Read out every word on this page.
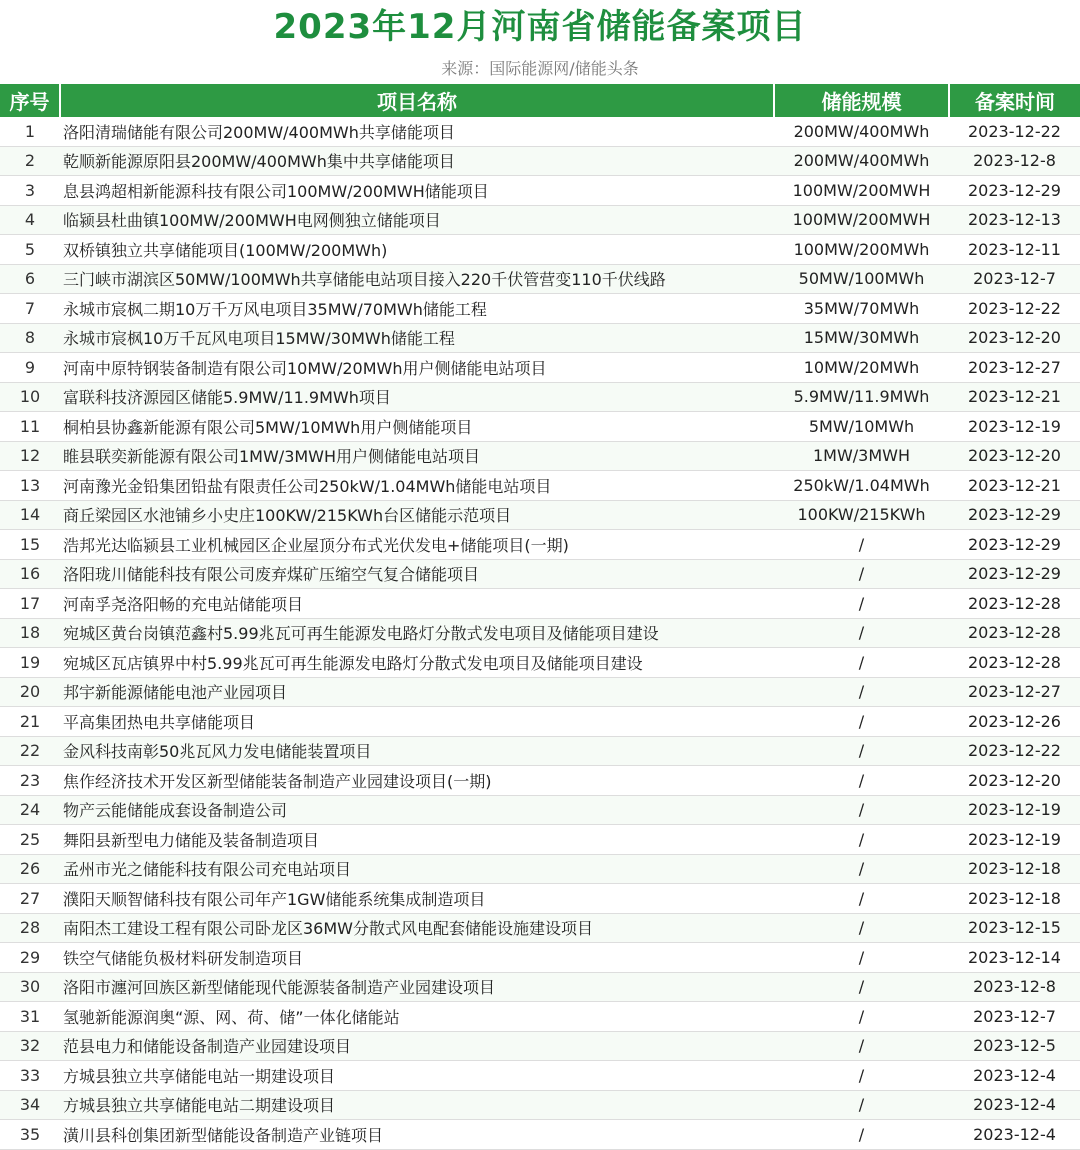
2023年12月河南省储能备案项目
来源：国际能源网/储能头条
序号	项目名称	储能规模	备案时间
1	洛阳清瑞储能有限公司200MW/400MWh共享储能项目	200MW/400MWh	2023-12-22
2	乾顺新能源原阳县200MW/400MWh集中共享储能项目	200MW/400MWh	2023-12-8
3	息县鸿超相新能源科技有限公司100MW/200MWH储能项目	100MW/200MWH	2023-12-29
4	临颍县杜曲镇100MW/200MWH电网侧独立储能项目	100MW/200MWH	2023-12-13
5	双桥镇独立共享储能项目(100MW/200MWh)	100MW/200MWh	2023-12-11
6	三门峡市湖滨区50MW/100MWh共享储能电站项目接入220千伏管营变110千伏线路	50MW/100MWh	2023-12-7
7	永城市宸枫二期10万千万风电项目35MW/70MWh储能工程	35MW/70MWh	2023-12-22
8	永城市宸枫10万千瓦风电项目15MW/30MWh储能工程	15MW/30MWh	2023-12-20
9	河南中原特钢装备制造有限公司10MW/20MWh用户侧储能电站项目	10MW/20MWh	2023-12-27
10	富联科技济源园区储能5.9MW/11.9MWh项目	5.9MW/11.9MWh	2023-12-21
11	桐柏县协鑫新能源有限公司5MW/10MWh用户侧储能项目	5MW/10MWh	2023-12-19
12	睢县联奕新能源有限公司1MW/3MWH用户侧储能电站项目	1MW/3MWH	2023-12-20
13	河南豫光金铅集团铅盐有限责任公司250kW/1.04MWh储能电站项目	250kW/1.04MWh	2023-12-21
14	商丘梁园区水池铺乡小史庄100KW/215KWh台区储能示范项目	100KW/215KWh	2023-12-29
15	浩邦光达临颍县工业机械园区企业屋顶分布式光伏发电+储能项目(一期)	/	2023-12-29
16	洛阳珑川储能科技有限公司废弃煤矿压缩空气复合储能项目	/	2023-12-29
17	河南孚尧洛阳畅的充电站储能项目	/	2023-12-28
18	宛城区黄台岗镇范鑫村5.99兆瓦可再生能源发电路灯分散式发电项目及储能项目建设	/	2023-12-28
19	宛城区瓦店镇界中村5.99兆瓦可再生能源发电路灯分散式发电项目及储能项目建设	/	2023-12-28
20	邦宇新能源储能电池产业园项目	/	2023-12-27
21	平高集团热电共享储能项目	/	2023-12-26
22	金风科技南彰50兆瓦风力发电储能装置项目	/	2023-12-22
23	焦作经济技术开发区新型储能装备制造产业园建设项目(一期)	/	2023-12-20
24	物产云能储能成套设备制造公司	/	2023-12-19
25	舞阳县新型电力储能及装备制造项目	/	2023-12-19
26	孟州市光之储能科技有限公司充电站项目	/	2023-12-18
27	濮阳天顺智储科技有限公司年产1GW储能系统集成制造项目	/	2023-12-18
28	南阳杰工建设工程有限公司卧龙区36MW分散式风电配套储能设施建设项目	/	2023-12-15
29	铁空气储能负极材料研发制造项目	/	2023-12-14
30	洛阳市瀍河回族区新型储能现代能源装备制造产业园建设项目	/	2023-12-8
31	氢驰新能源润奥“源、网、荷、储”一体化储能站	/	2023-12-7
32	范县电力和储能设备制造产业园建设项目	/	2023-12-5
33	方城县独立共享储能电站一期建设项目	/	2023-12-4
34	方城县独立共享储能电站二期建设项目	/	2023-12-4
35	潢川县科创集团新型储能设备制造产业链项目	/	2023-12-4
